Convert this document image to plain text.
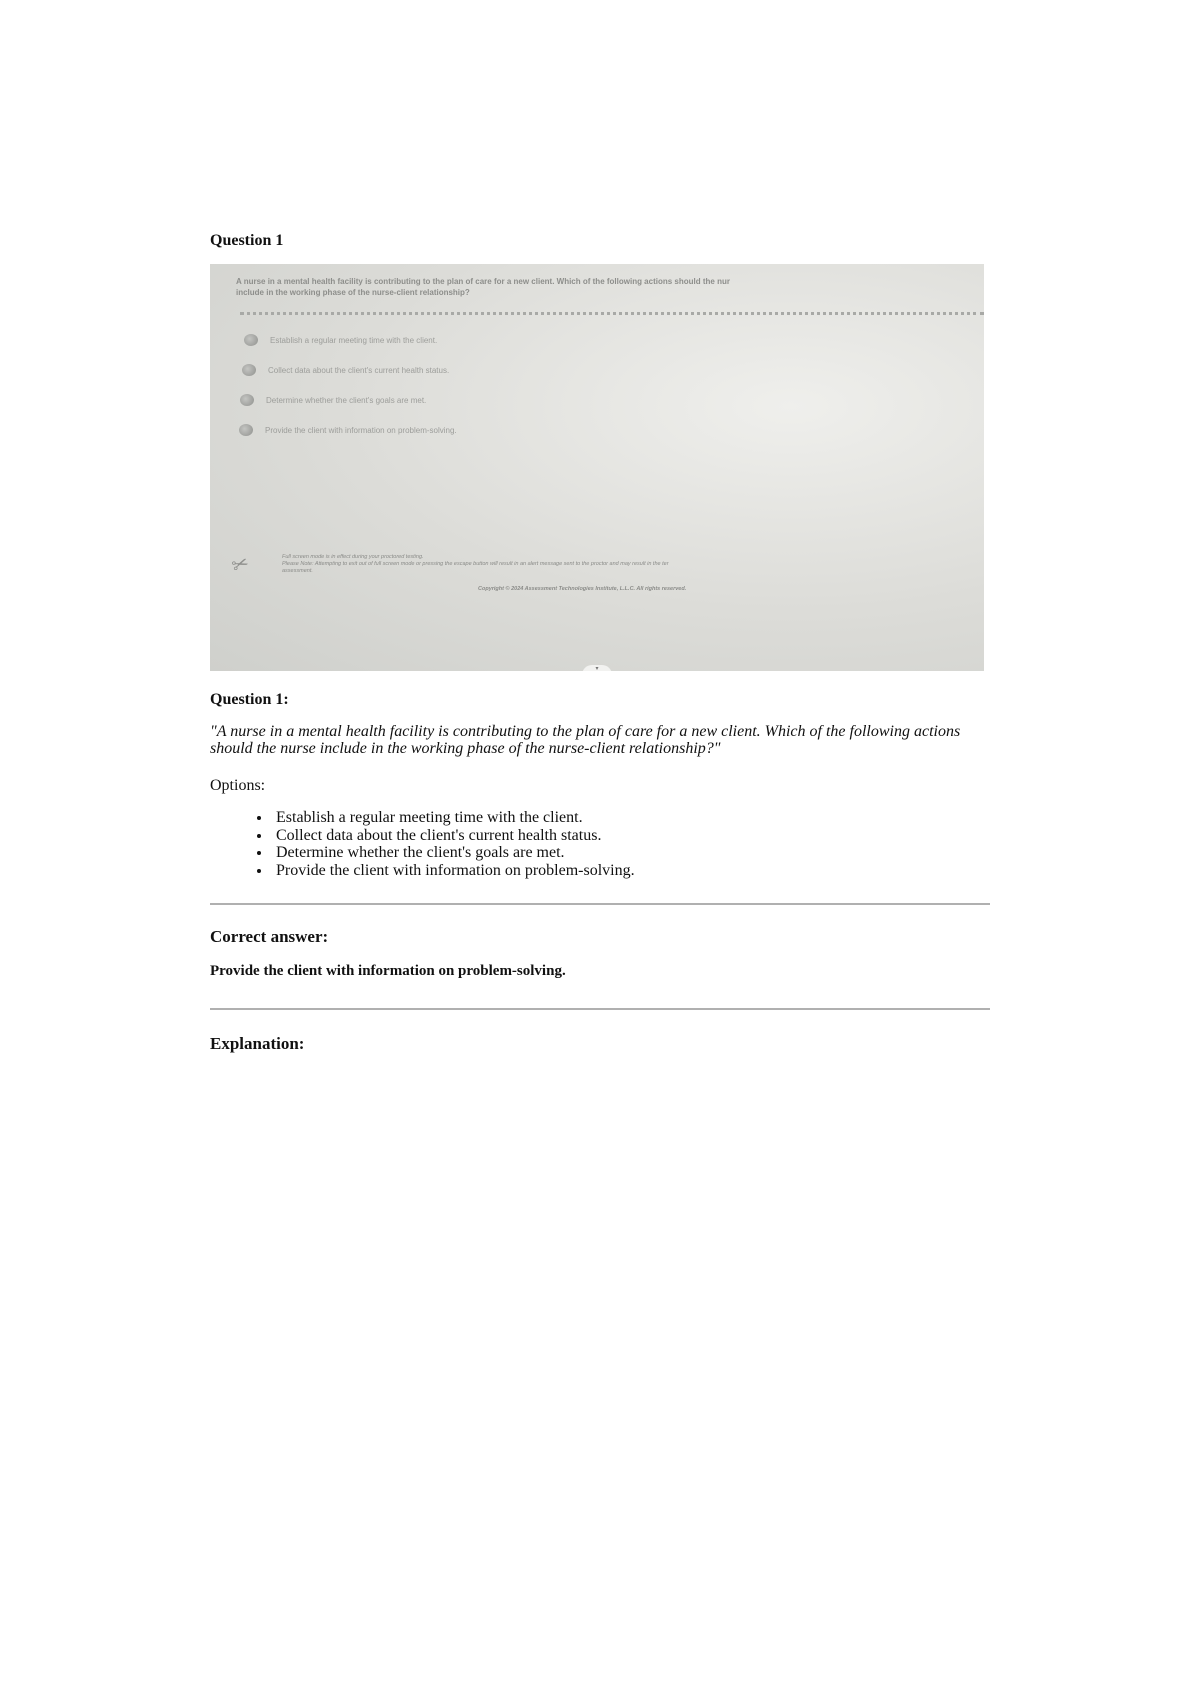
Question 1
A nurse in a mental health facility is contributing to the plan of care for a new client. Which of the following actions should the nur
include in the working phase of the nurse-client relationship?
Establish a regular meeting time with the client.
Collect data about the client's current health status.
Determine whether the client's goals are met.
Provide the client with information on problem-solving.
✂	Full screen mode is in effect during your proctored testing.
Please Note: Attempting to exit out of full screen mode or pressing the escape button will result in an alert message sent to the proctor and may result in the ter
assessment.
Copyright © 2024 Assessment Technologies Institute, L.L.C. All rights reserved.
▾
Question 1:
"A nurse in a mental health facility is contributing to the plan of care for a new client. Which of the following actions should the nurse include in the working phase of the nurse-client relationship?"
Options:
• Establish a regular meeting time with the client.
• Collect data about the client's current health status.
• Determine whether the client's goals are met.
• Provide the client with information on problem-solving.
Correct answer:
Provide the client with information on problem-solving.
Explanation:
